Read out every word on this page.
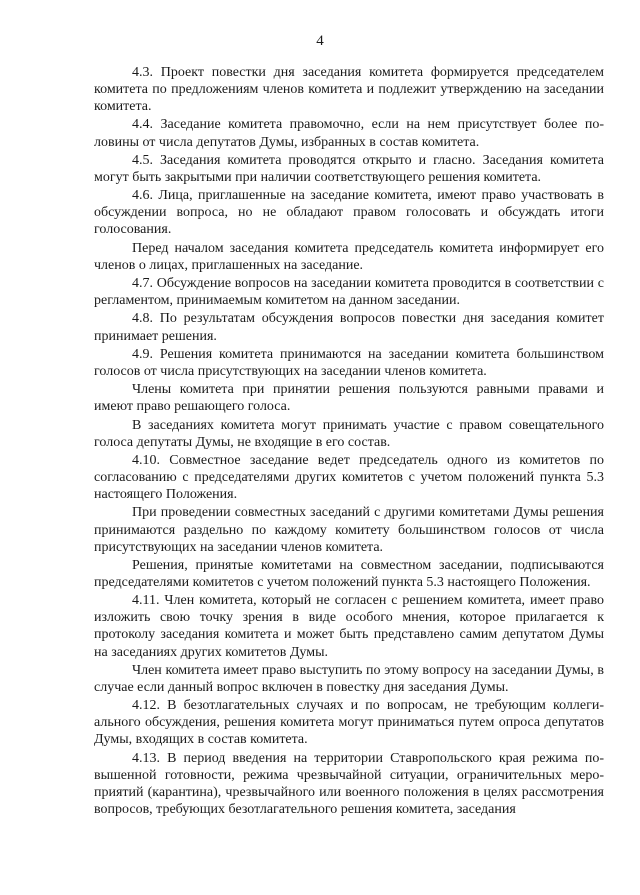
4

4.3. Проект повестки дня заседания комитета формируется председателем комитета по предложениям членов комитета и подлежит утверждению на заседании комитета.

4.4. Заседание комитета правомочно, если на нем присутствует более половины от числа депутатов Думы, избранных в состав комитета.

4.5. Заседания комитета проводятся открыто и гласно. Заседания комитета могут быть закрытыми при наличии соответствующего решения комитета.

4.6. Лица, приглашенные на заседание комитета, имеют право участвовать в обсуждении вопроса, но не обладают правом голосовать и обсуждать итоги голосования.

Перед началом заседания комитета председатель комитета информирует его членов о лицах, приглашенных на заседание.

4.7. Обсуждение вопросов на заседании комитета проводится в соответствии с регламентом, принимаемым комитетом на данном заседании.

4.8. По результатам обсуждения вопросов повестки дня заседания комитет принимает решения.

4.9. Решения комитета принимаются на заседании комитета большинством голосов от числа присутствующих на заседании членов комитета.

Члены комитета при принятии решения пользуются равными правами и имеют право решающего голоса.

В заседаниях комитета могут принимать участие с правом совещательного голоса депутаты Думы, не входящие в его состав.

4.10. Совместное заседание ведет председатель одного из комитетов по согласованию с председателями других комитетов с учетом положений пункта 5.3 настоящего Положения.

При проведении совместных заседаний с другими комитетами Думы решения принимаются раздельно по каждому комитету большинством голосов от числа присутствующих на заседании членов комитета.

Решения, принятые комитетами на совместном заседании, подписываются председателями комитетов с учетом положений пункта 5.3 настоящего Положения.

4.11. Член комитета, который не согласен с решением комитета, имеет право изложить свою точку зрения в виде особого мнения, которое прилагается к протоколу заседания комитета и может быть представлено самим депутатом Думы на заседаниях других комитетов Думы.

Член комитета имеет право выступить по этому вопросу на заседании Думы, в случае если данный вопрос включен в повестку дня заседания Думы.

4.12. В безотлагательных случаях и по вопросам, не требующим коллегиального обсуждения, решения комитета могут приниматься путем опроса депутатов Думы, входящих в состав комитета.

4.13. В период введения на территории Ставропольского края режима повышенной готовности, режима чрезвычайной ситуации, ограничительных мероприятий (карантина), чрезвычайного или военного положения в целях рассмотрения вопросов, требующих безотлагательного решения комитета, заседания
